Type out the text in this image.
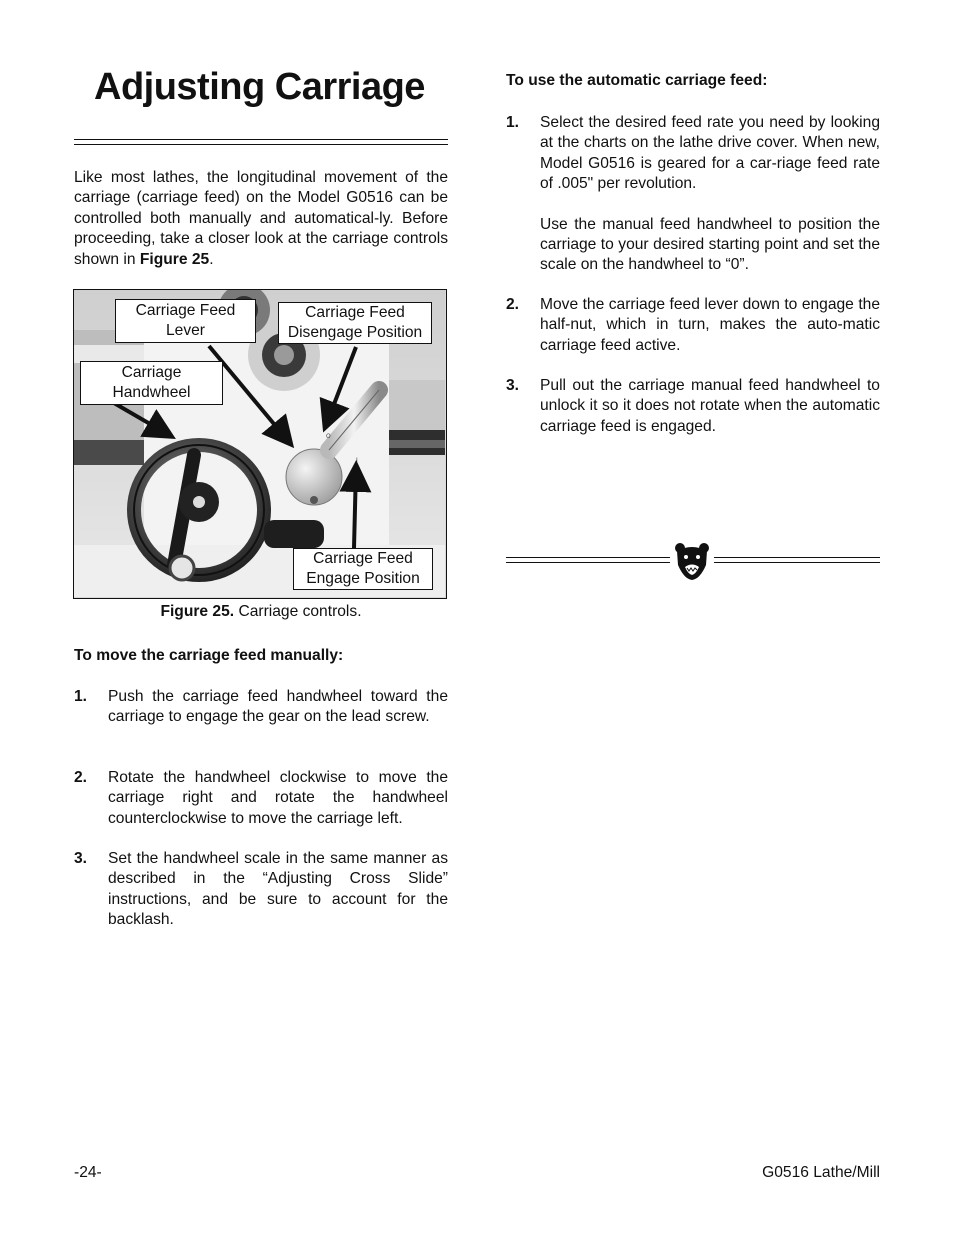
Adjusting Carriage
Like most lathes, the longitudinal movement of the carriage (carriage feed) on the Model G0516 can be controlled both manually and automatical-ly. Before proceeding, take a closer look at the carriage controls shown in Figure 25.
O
I
Carriage Feed
Lever
Carriage Feed
Disengage Position
Carriage
Handwheel
Carriage Feed
Engage Position
Figure 25. Carriage controls.
To move the carriage feed manually:
1. Push the carriage feed handwheel toward the carriage to engage the gear on the lead screw.
2. Rotate the handwheel clockwise to move the carriage right and rotate the handwheel counterclockwise to move the carriage left.
3. Set the handwheel scale in the same manner as described in the “Adjusting Cross Slide” instructions, and be sure to account for the backlash.
To use the automatic carriage feed:
1. Select the desired feed rate you need by looking at the charts on the lathe drive cover. When new, Model G0516 is geared for a car-riage feed rate of .005" per revolution.
Use the manual feed handwheel to position the carriage to your desired starting point and set the scale on the handwheel to “0”.
2. Move the carriage feed lever down to engage the half-nut, which in turn, makes the auto-matic carriage feed active.
3. Pull out the carriage manual feed handwheel to unlock it so it does not rotate when the automatic carriage feed is engaged.
-24-	G0516 Lathe/Mill
